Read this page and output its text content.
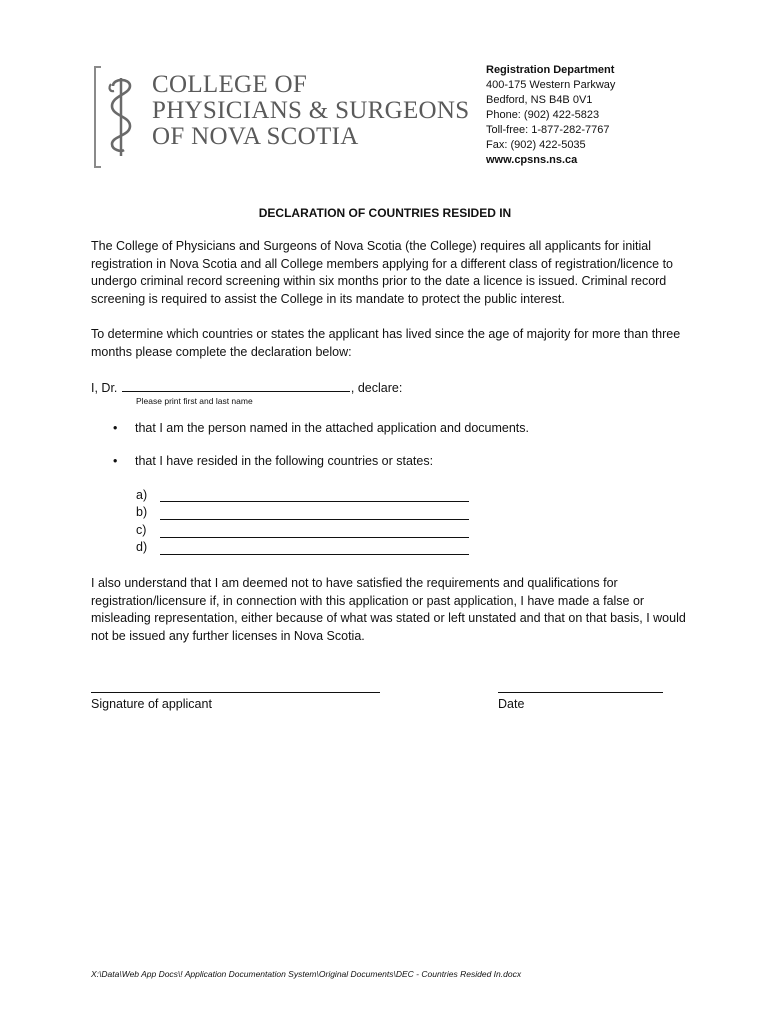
COLLEGE OF
PHYSICIANS & SURGEONS
OF NOVA SCOTIA
Registration Department
400-175 Western Parkway
Bedford, NS B4B 0V1
Phone: (902) 422-5823
Toll-free: 1-877-282-7767
Fax: (902) 422-5035
www.cpsns.ns.ca
DECLARATION OF COUNTRIES RESIDED IN
The College of Physicians and Surgeons of Nova Scotia (the College) requires all applicants for initial registration in Nova Scotia and all College members applying for a different class of registration/licence to undergo criminal record screening within six months prior to the date a licence is issued. Criminal record screening is required to assist the College in its mandate to protect the public interest.
To determine which countries or states the applicant has lived since the age of majority for more than three months please complete the declaration below:
I, Dr.	, declare:
Please print first and last name
• that I am the person named in the attached application and documents.
• that I have resided in the following countries or states:
a)
b)
c)
d)
I also understand that I am deemed not to have satisfied the requirements and qualifications for registration/licensure if, in connection with this application or past application, I have made a false or misleading representation, either because of what was stated or left unstated and that on that basis, I would not be issued any further licenses in Nova Scotia.
Signature of applicant	Date
X:\Data\Web App Docs\! Application Documentation System\Original Documents\DEC - Countries Resided In.docx
